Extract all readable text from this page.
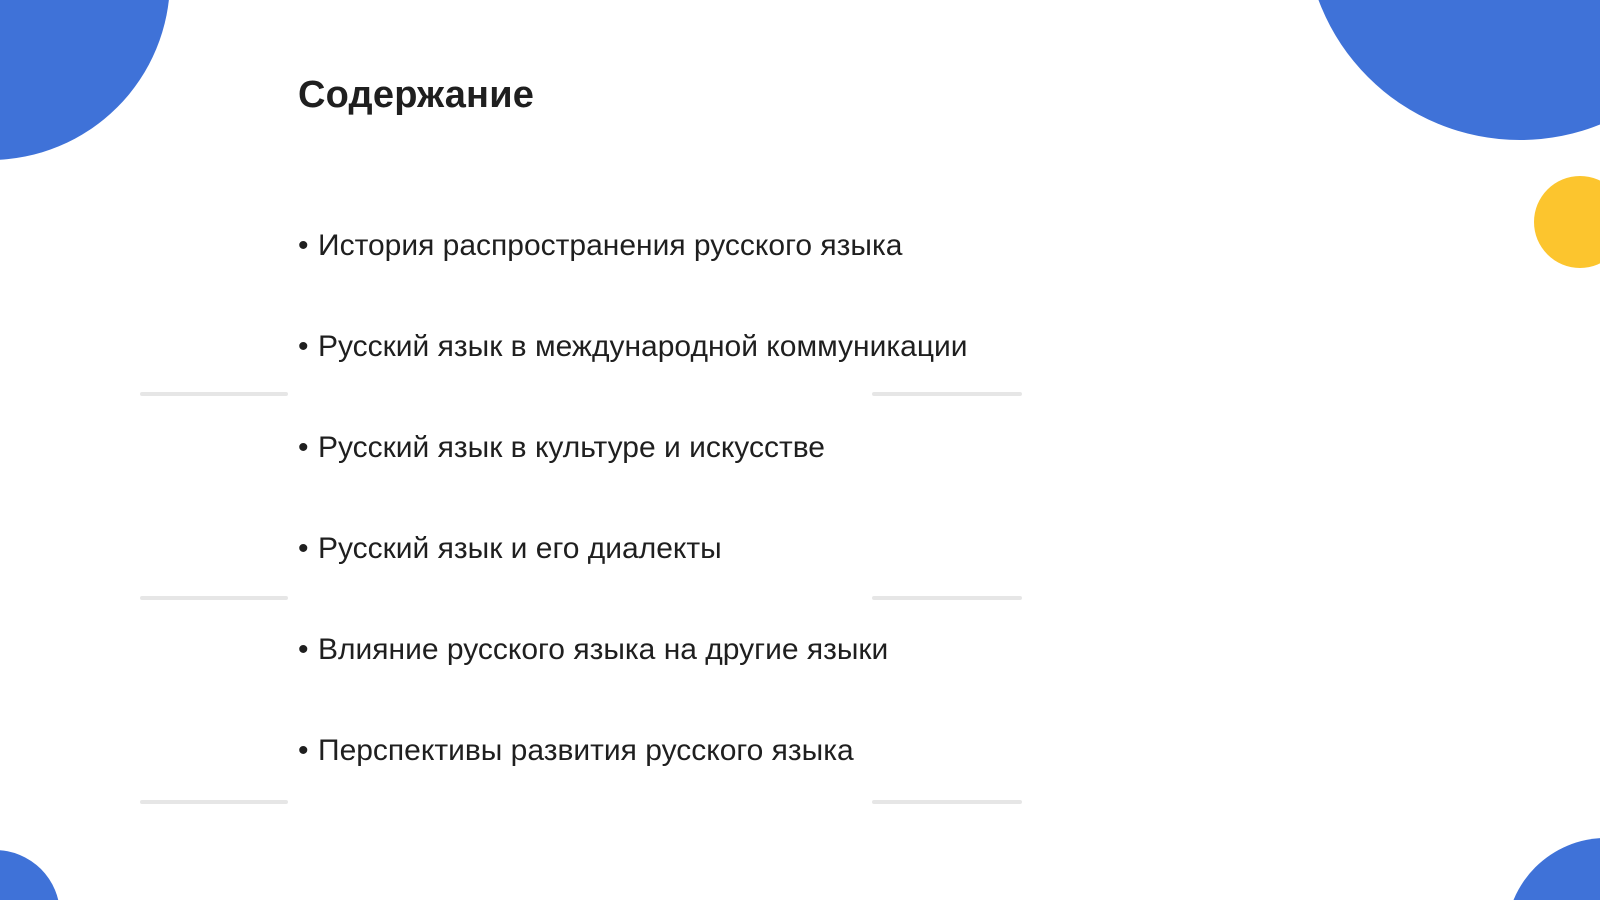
Содержание
• История распространения русского языка
• Русский язык в международной коммуникации
• Русский язык в культуре и искусстве
• Русский язык и его диалекты
• Влияние русского языка на другие языки
• Перспективы развития русского языка
